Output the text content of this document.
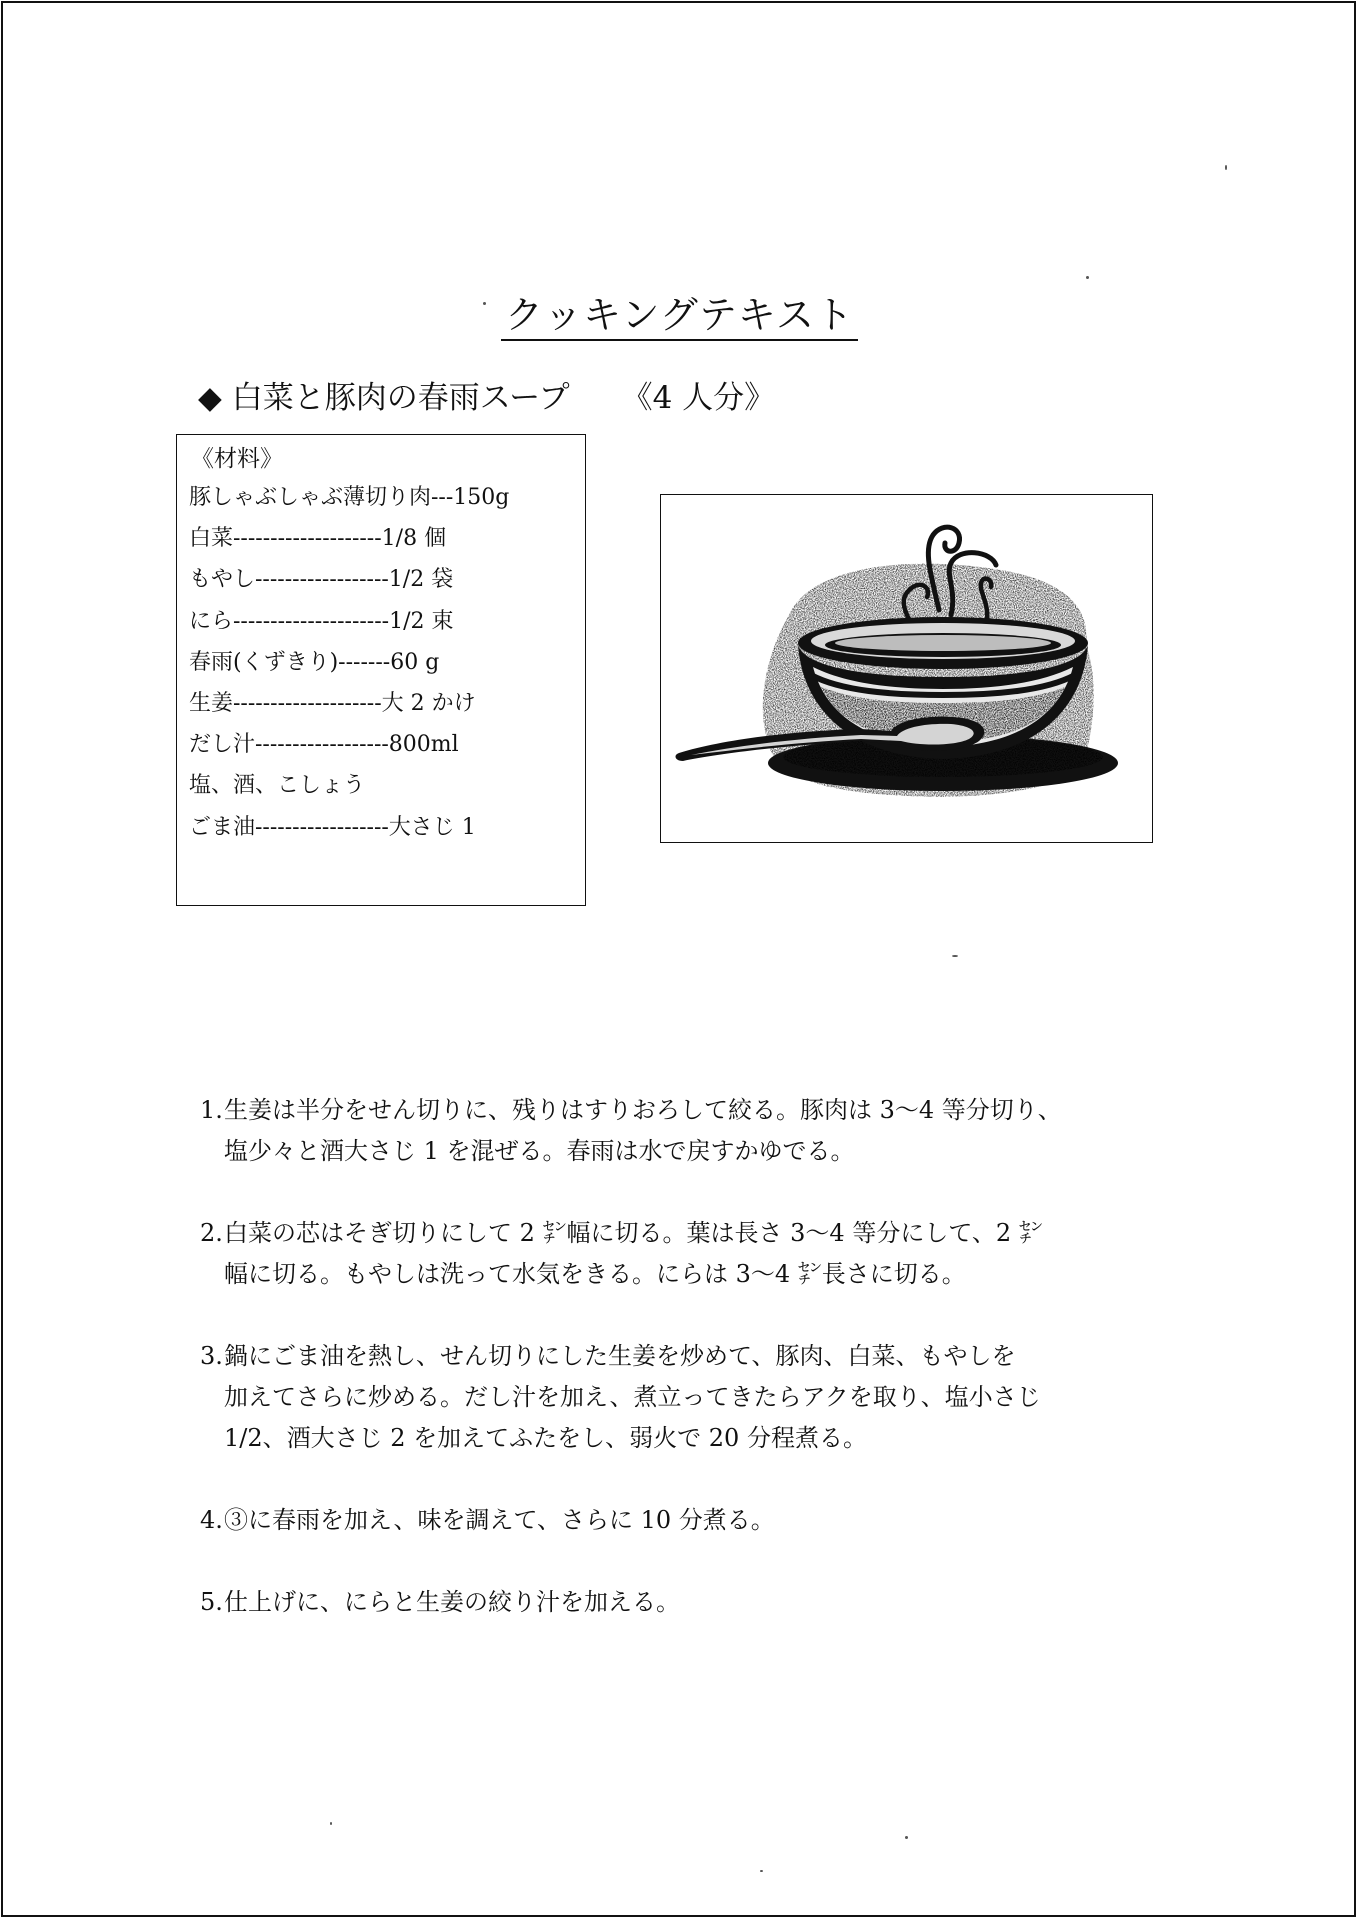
クッキングテキスト
◆ 白菜と豚肉の春雨スープ 《4 人分》
《材料》
豚しゃぶしゃぶ薄切り肉---150g
白菜--------------------1/8 個
もやし------------------1/2 袋
にら---------------------1/2 束
春雨(くずきり)-------60 g
生姜--------------------大 2 かけ
だし汁------------------800ml
塩、酒、こしょう
ごま油------------------大さじ 1
1.生姜は半分をせん切りに、残りはすりおろして絞る。豚肉は 3～4 等分切り、
塩少々と酒大さじ 1 を混ぜる。春雨は水で戻すかゆでる。
2.白菜の芯はそぎ切りにして 2 ㌢幅に切る。葉は長さ 3～4 等分にして、2 ㌢
幅に切る。もやしは洗って水気をきる。にらは 3～4 ㌢長さに切る。
3.鍋にごま油を熱し、せん切りにした生姜を炒めて、豚肉、白菜、もやしを
加えてさらに炒める。だし汁を加え、煮立ってきたらアクを取り、塩小さじ
1/2、酒大さじ 2 を加えてふたをし、弱火で 20 分程煮る。
4.③に春雨を加え、味を調えて、さらに 10 分煮る。
5.仕上げに、にらと生姜の絞り汁を加える。
